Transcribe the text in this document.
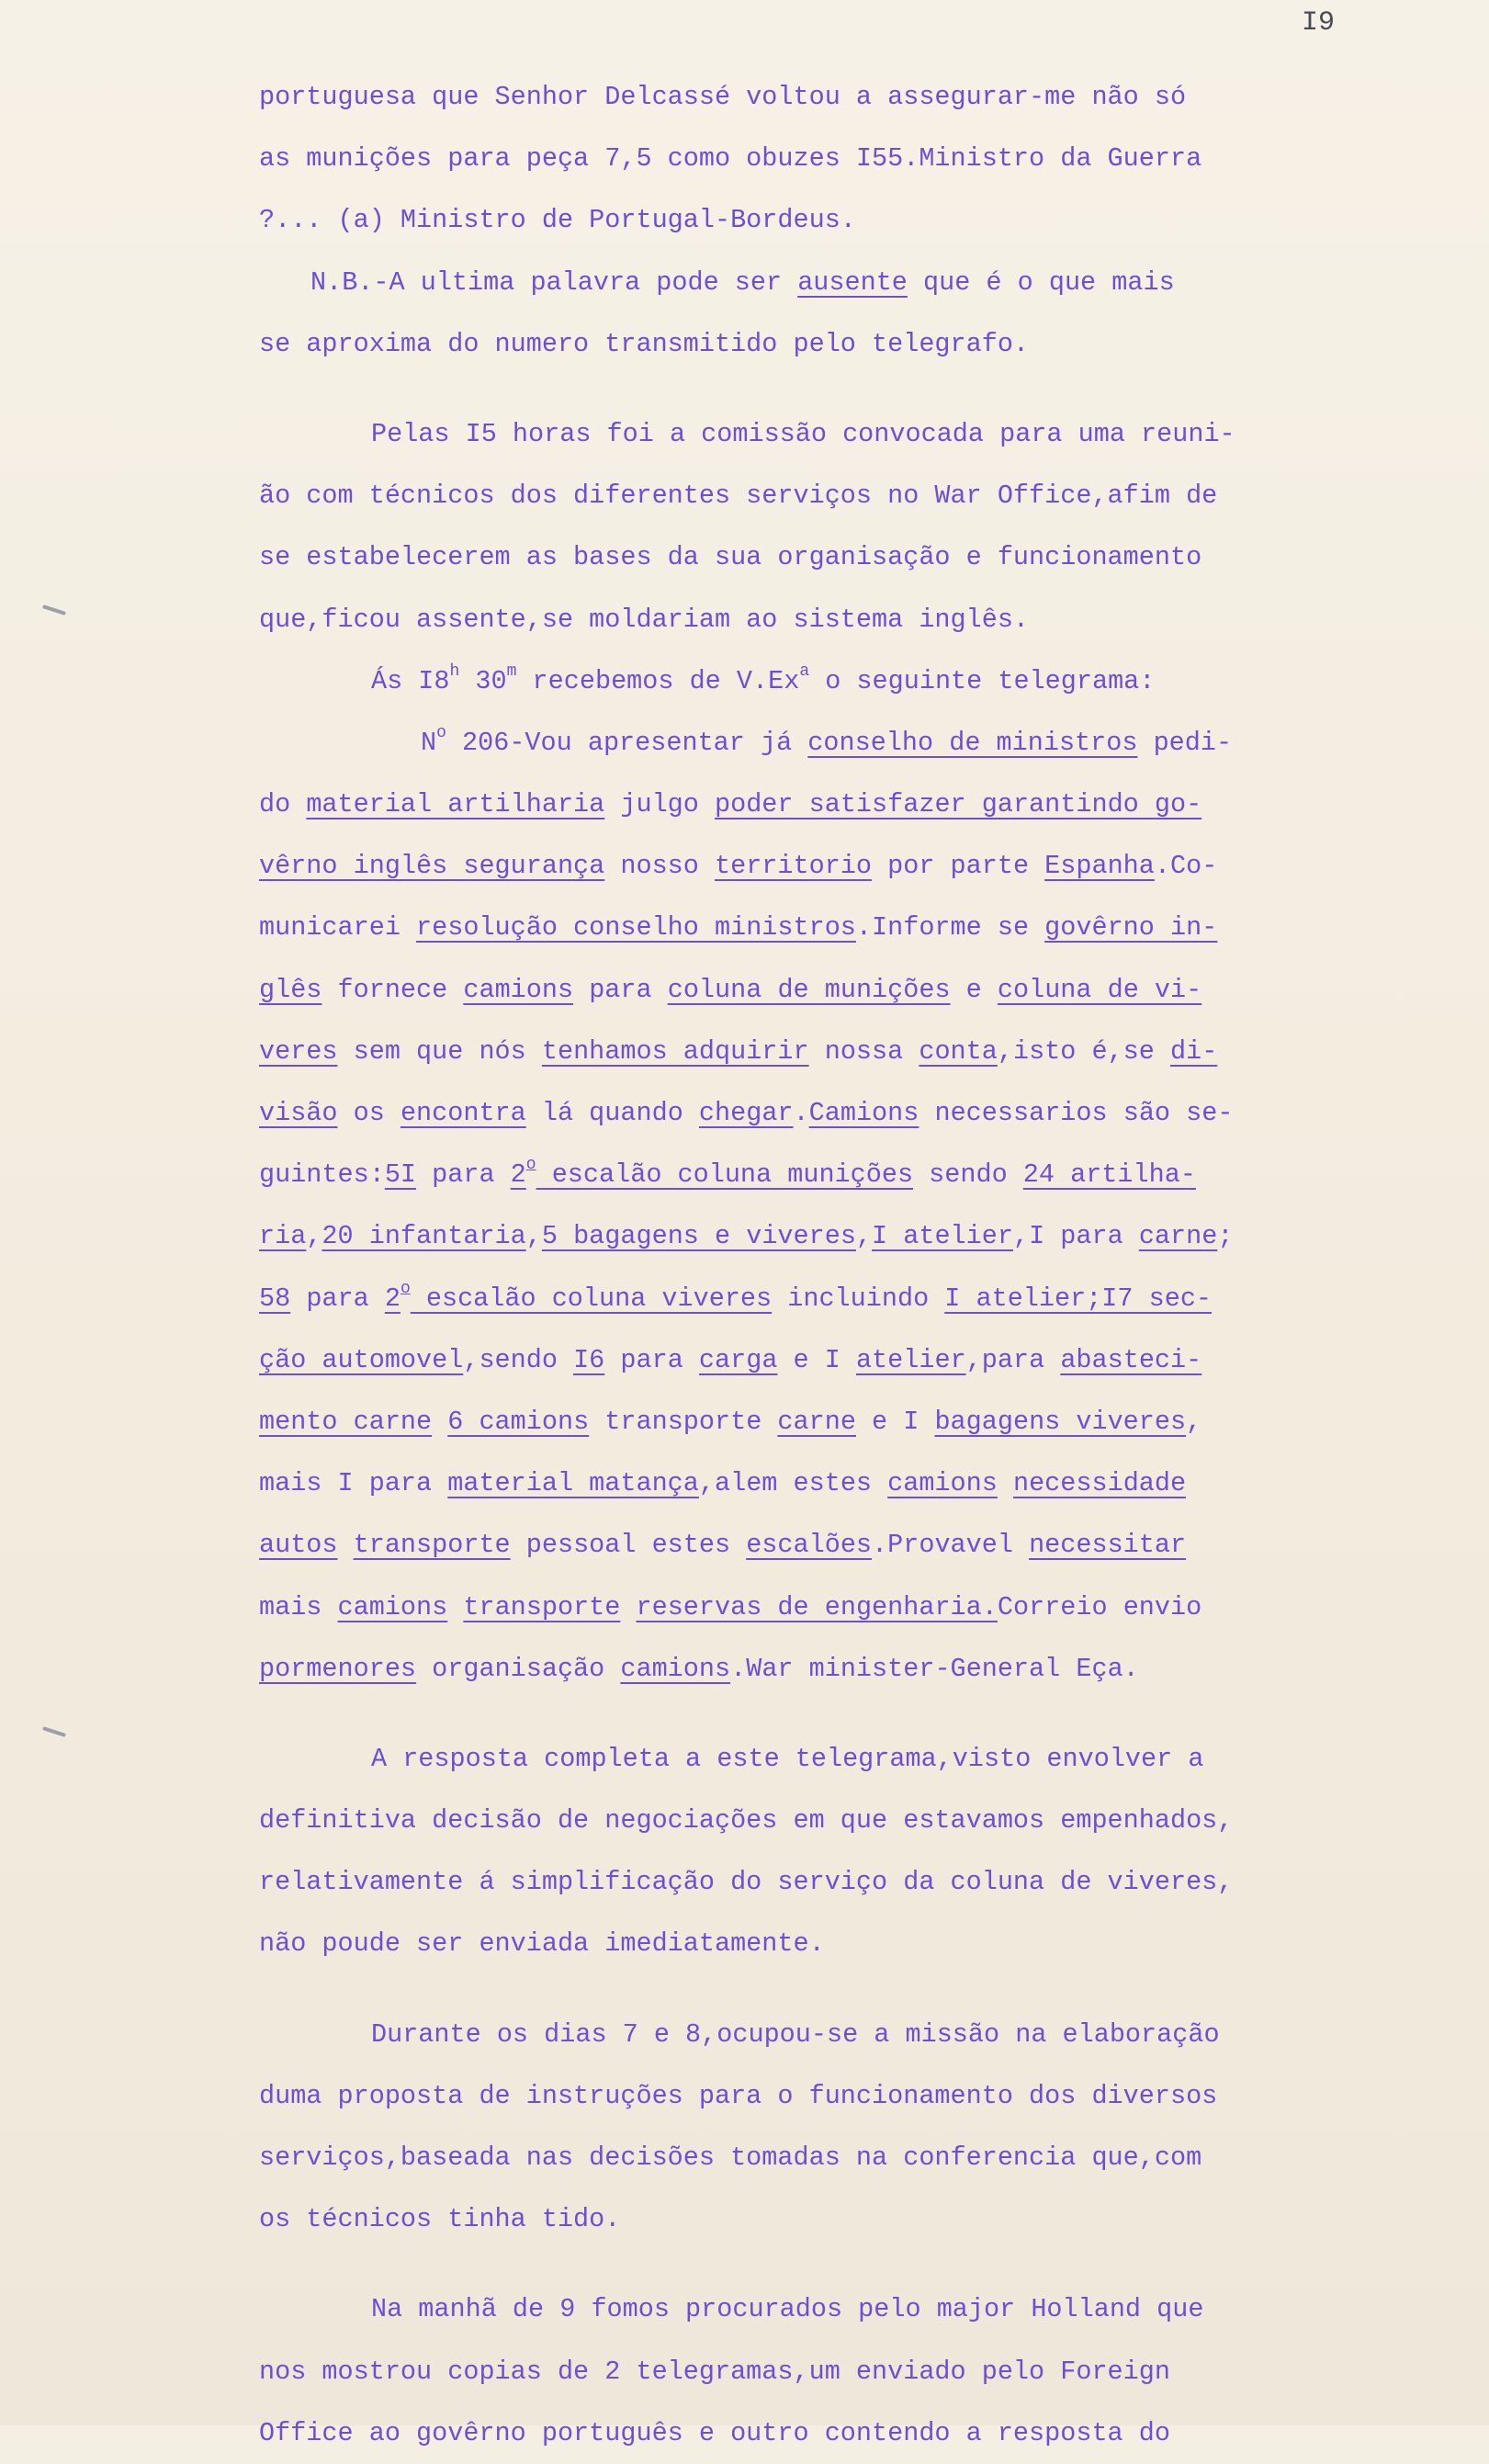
I9
portuguesa que Senhor Delcassé voltou a assegurar-me não só
as munições para peça 7,5 como obuzes I55.Ministro da Guerra
?... (a) Ministro de Portugal-Bordeus.
N.B.-A ultima palavra pode ser ausente que é o que mais
se aproxima do numero transmitido pelo telegrafo.
Pelas I5 horas foi a comissão convocada para uma reuni-
ão com técnicos dos diferentes serviços no War Office,afim de
se estabelecerem as bases da sua organisação e funcionamento
que,ficou assente,se moldariam ao sistema inglês.
Ás I8$^h$ 30$^m$ recebemos de V.Ex$^a$ o seguinte telegrama:
$N^o$ 206-Vou apresentar já conselho de ministros pedi-
do material artilharia julgo poder satisfazer garantindo go-
vêrno inglês segurança nosso territorio por parte Espanha.Co-
municarei resolução conselho ministros.Informe se govêrno in-
glês fornece camions para coluna de munições e coluna de vi-
veres sem que nós tenhamos adquirir nossa conta,isto é,se di-
visão os encontra lá quando chegar.Camions necessarios são se-
guintes:5I para 2$^o$ escalão coluna munições sendo 24 artilha-
ria,20 infantaria,5 bagagens e viveres,I atelier,I para carne;
58 para 2$^o$ escalão coluna viveres incluindo I atelier;I7 sec-
ção automovel,sendo I6 para carga e I atelier,para abasteci-
mento carne 6 camions transporte carne e I bagagens viveres,
mais I para material matança,alem estes camions necessidade
autos transporte pessoal estes escalões.Provavel necessitar
mais camions transporte reservas de engenharia.Correio envio
pormenores organisação camions.War minister-General Eça.
A resposta completa a este telegrama,visto envolver a
definitiva decisão de negociações em que estavamos empenhados,
relativamente á simplificação do serviço da coluna de viveres,
não poude ser enviada imediatamente.
Durante os dias 7 e 8,ocupou-se a missão na elaboração
duma proposta de instruções para o funcionamento dos diversos
serviços,baseada nas decisões tomadas na conferencia que,com
os técnicos tinha tido.
Na manhã de 9 fomos procurados pelo major Holland que
nos mostrou copias de 2 telegramas,um enviado pelo Foreign
Office ao govêrno português e outro contendo a resposta do
